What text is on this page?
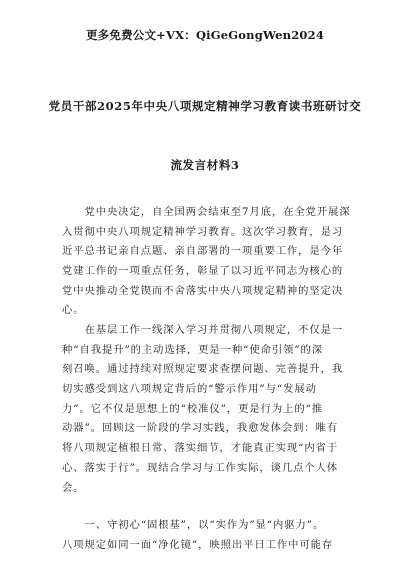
更多免费公文+VX：QiGeGongWen2024
党员干部2025年中央八项规定精神学习教育读书班研讨交
流发言材料3
　　党中央决定，自全国两会结束至7月底，在全党开展深
入贯彻中央八项规定精神学习教育。这次学习教育，是习
近平总书记亲自点题、亲自部署的一项重要工作，是今年
党建工作的一项重点任务，彰显了以习近平同志为核心的
党中央推动全党锲而不舍落实中央八项规定精神的坚定决
心。
　　在基层工作一线深入学习并贯彻八项规定，不仅是一
种“自我提升”的主动选择，更是一种“使命引领”的深
刻召唤。通过持续对照规定要求查摆问题、完善提升，我
切实感受到这八项规定背后的“警示作用”与“发展动
力”。它不仅是思想上的“校准仪”，更是行为上的“推
动器”。回顾这一阶段的学习实践，我愈发体会到：唯有
将八项规定植根日常、落实细节，才能真正实现“内省于
心、落实于行”。现结合学习与工作实际，谈几点个人体
会。
　　一、守初心“固根基”，以“实作为”显“内驱力”。
八项规定如同一面“净化镜”，映照出平日工作中可能存
